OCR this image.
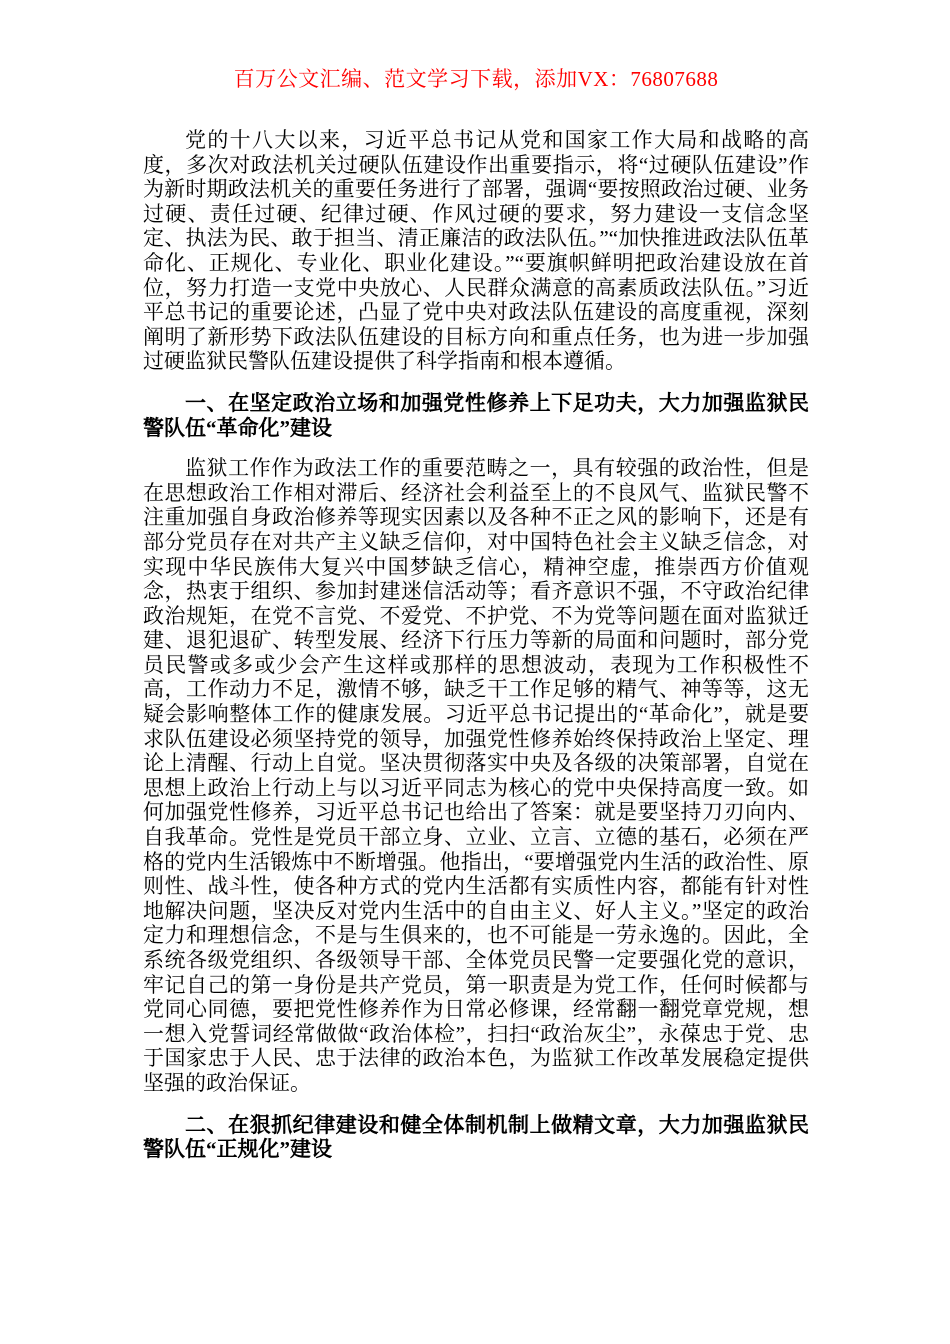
百万公文汇编、范文学习下载，添加VX：76807688

党的十八大以来，习近平总书记从党和国家工作大局和战略的高度，多次对政法机关过硬队伍建设作出重要指示，将“过硬队伍建设”作为新时期政法机关的重要任务进行了部署，强调“要按照政治过硬、业务过硬、责任过硬、纪律过硬、作风过硬的要求，努力建设一支信念坚定、执法为民、敢于担当、清正廉洁的政法队伍。”“加快推进政法队伍革命化、正规化、专业化、职业化建设。”“要旗帜鲜明把政治建设放在首位，努力打造一支党中央放心、人民群众满意的高素质政法队伍。”习近平总书记的重要论述，凸显了党中央对政法队伍建设的高度重视，深刻阐明了新形势下政法队伍建设的目标方向和重点任务，也为进一步加强过硬监狱民警队伍建设提供了科学指南和根本遵循。

一、在坚定政治立场和加强党性修养上下足功夫，大力加强监狱民警队伍“革命化”建设

监狱工作作为政法工作的重要范畴之一，具有较强的政治性，但是在思想政治工作相对滞后、经济社会利益至上的不良风气、监狱民警不注重加强自身政治修养等现实因素以及各种不正之风的影响下，还是有部分党员存在对共产主义缺乏信仰，对中国特色社会主义缺乏信念，对实现中华民族伟大复兴中国梦缺乏信心，精神空虚，推崇西方价值观念，热衷于组织、参加封建迷信活动等；看齐意识不强，不守政治纪律政治规矩，在党不言党、不爱党、不护党、不为党等问题在面对监狱迁建、退犯退矿、转型发展、经济下行压力等新的局面和问题时，部分党员民警或多或少会产生这样或那样的思想波动，表现为工作积极性不高，工作动力不足，激情不够，缺乏干工作足够的精气、神等等，这无疑会影响整体工作的健康发展。习近平总书记提出的“革命化”，就是要求队伍建设必须坚持党的领导，加强党性修养始终保持政治上坚定、理论上清醒、行动上自觉。坚决贯彻落实中央及各级的决策部署，自觉在思想上政治上行动上与以习近平同志为核心的党中央保持高度一致。如何加强党性修养，习近平总书记也给出了答案：就是要坚持刀刃向内、自我革命。党性是党员干部立身、立业、立言、立德的基石，必须在严格的党内生活锻炼中不断增强。他指出，“要增强党内生活的政治性、原则性、战斗性，使各种方式的党内生活都有实质性内容，都能有针对性地解决问题，坚决反对党内生活中的自由主义、好人主义。”坚定的政治定力和理想信念，不是与生俱来的，也不可能是一劳永逸的。因此，全系统各级党组织、各级领导干部、全体党员民警一定要强化党的意识，牢记自己的第一身份是共产党员，第一职责是为党工作，任何时候都与党同心同德，要把党性修养作为日常必修课，经常翻一翻党章党规，想一想入党誓词经常做做“政治体检”，扫扫“政治灰尘”，永葆忠于党、忠于国家忠于人民、忠于法律的政治本色，为监狱工作改革发展稳定提供坚强的政治保证。

二、在狠抓纪律建设和健全体制机制上做精文章，大力加强监狱民警队伍“正规化”建设
